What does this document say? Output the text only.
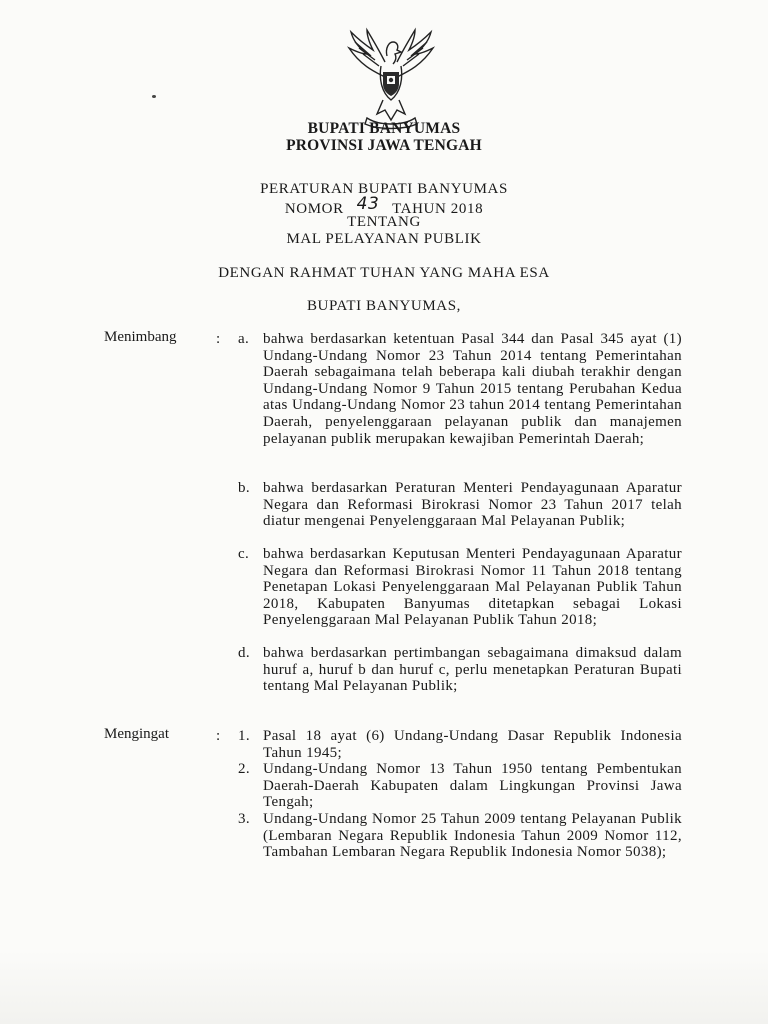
BUPATI BANYUMAS
PROVINSI JAWA TENGAH
PERATURAN BUPATI BANYUMAS
NOMOR 43 TAHUN 2018
TENTANG
MAL PELAYANAN PUBLIK
DENGAN RAHMAT TUHAN YANG MAHA ESA
BUPATI BANYUMAS,
Menimbang	: a. bahwa berdasarkan ketentuan Pasal 344 dan Pasal 345 ayat (1) Undang-Undang Nomor 23 Tahun 2014 tentang Pemerintahan Daerah sebagaimana telah beberapa kali diubah terakhir dengan Undang-Undang Nomor 9 Tahun 2015 tentang Perubahan Kedua atas Undang-Undang Nomor 23 tahun 2014 tentang Pemerintahan Daerah, penyelenggaraan pelayanan publik dan manajemen pelayanan publik merupakan kewajiban Pemerintah Daerah;
b. bahwa berdasarkan Peraturan Menteri Pendayagunaan Aparatur Negara dan Reformasi Birokrasi Nomor 23 Tahun 2017 telah diatur mengenai Penyelenggaraan Mal Pelayanan Publik;
c. bahwa berdasarkan Keputusan Menteri Pendayagunaan Aparatur Negara dan Reformasi Birokrasi Nomor 11 Tahun 2018 tentang Penetapan Lokasi Penyelenggaraan Mal Pelayanan Publik Tahun 2018, Kabupaten Banyumas ditetapkan sebagai Lokasi Penyelenggaraan Mal Pelayanan Publik Tahun 2018;
d. bahwa berdasarkan pertimbangan sebagaimana dimaksud dalam huruf a, huruf b dan huruf c, perlu menetapkan Peraturan Bupati tentang Mal Pelayanan Publik;
Mengingat	: 1. Pasal 18 ayat (6) Undang-Undang Dasar Republik Indonesia Tahun 1945;
2. Undang-Undang Nomor 13 Tahun 1950 tentang Pembentukan Daerah-Daerah Kabupaten dalam Lingkungan Provinsi Jawa Tengah;
3. Undang-Undang Nomor 25 Tahun 2009 tentang Pelayanan Publik (Lembaran Negara Republik Indonesia Tahun 2009 Nomor 112, Tambahan Lembaran Negara Republik Indonesia Nomor 5038);
